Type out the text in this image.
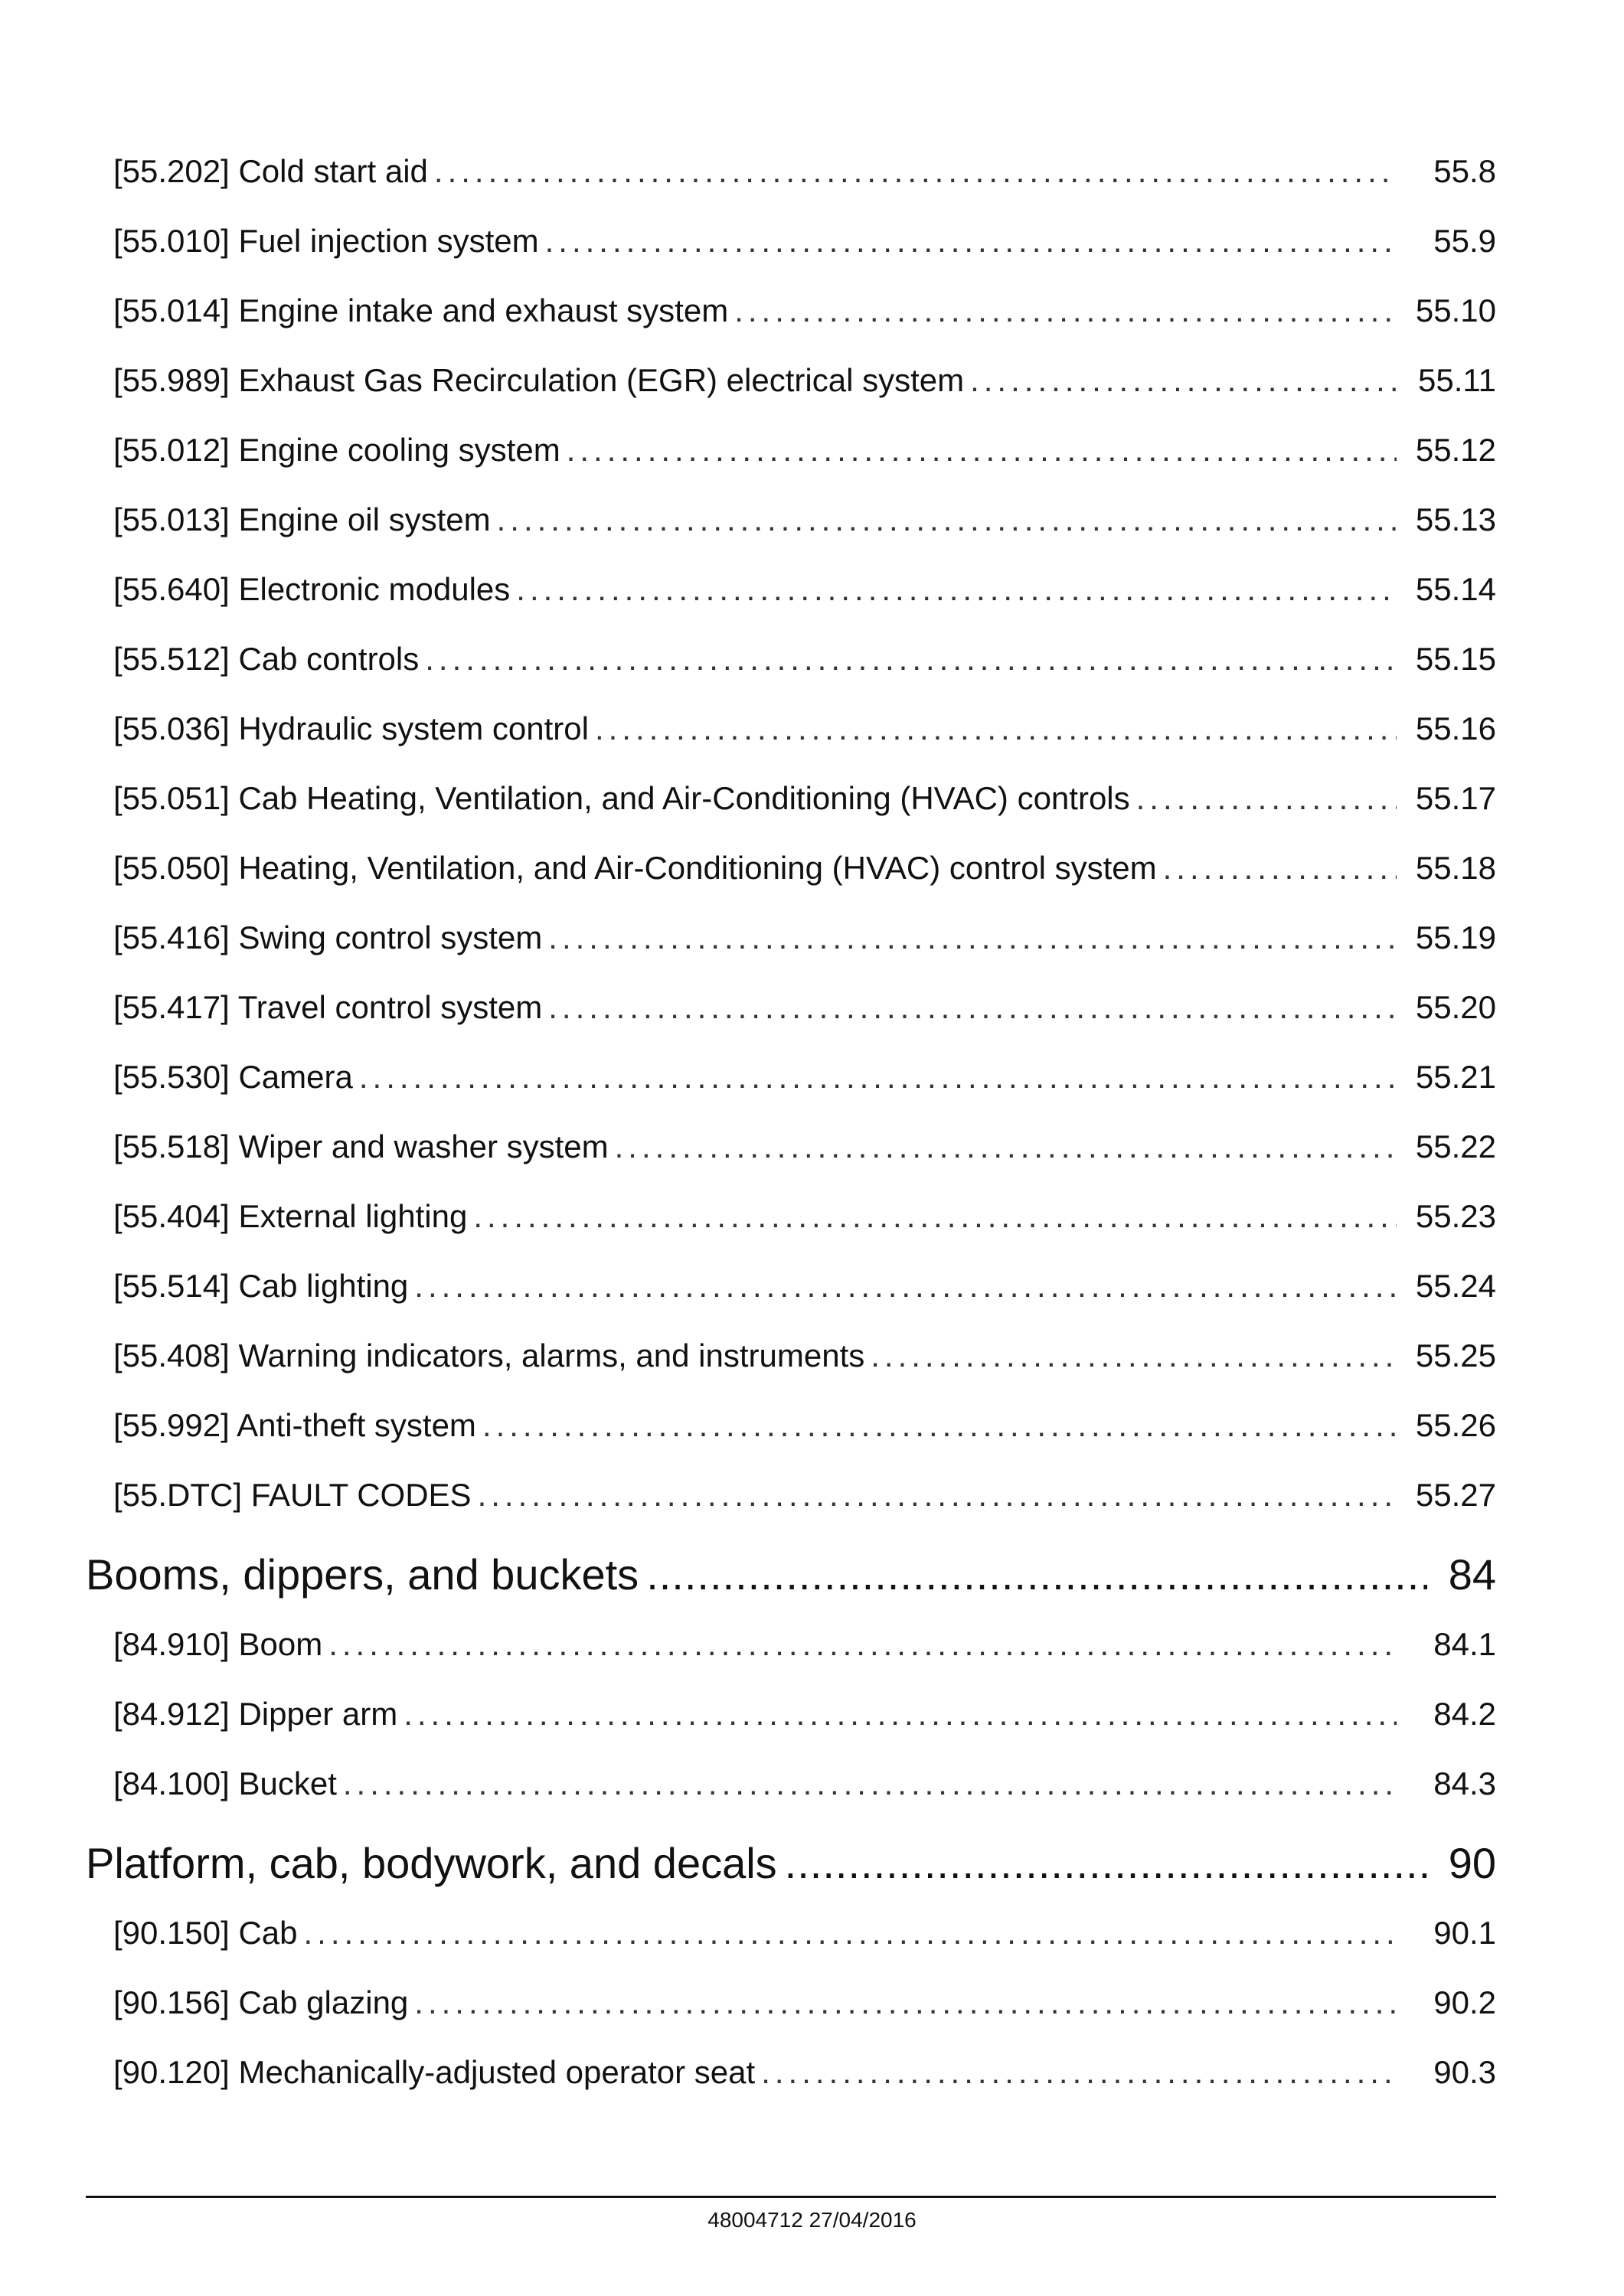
[55.202] Cold start aid .....	55.8
[55.010] Fuel injection system .....	55.9
[55.014] Engine intake and exhaust system .....	55.10
[55.989] Exhaust Gas Recirculation (EGR) electrical system .....	55.11
[55.012] Engine cooling system .....	55.12
[55.013] Engine oil system .....	55.13
[55.640] Electronic modules .....	55.14
[55.512] Cab controls .....	55.15
[55.036] Hydraulic system control .....	55.16
[55.051] Cab Heating, Ventilation, and Air-Conditioning (HVAC) controls .....	55.17
[55.050] Heating, Ventilation, and Air-Conditioning (HVAC) control system .....	55.18
[55.416] Swing control system .....	55.19
[55.417] Travel control system .....	55.20
[55.530] Camera .....	55.21
[55.518] Wiper and washer system .....	55.22
[55.404] External lighting .....	55.23
[55.514] Cab lighting .....	55.24
[55.408] Warning indicators, alarms, and instruments .....	55.25
[55.992] Anti-theft system .....	55.26
[55.DTC] FAULT CODES .....	55.27
Booms, dippers, and buckets .....	84
[84.910] Boom .....	84.1
[84.912] Dipper arm .....	84.2
[84.100] Bucket .....	84.3
Platform, cab, bodywork, and decals .....	90
[90.150] Cab .....	90.1
[90.156] Cab glazing .....	90.2
[90.120] Mechanically-adjusted operator seat .....	90.3
48004712 27/04/2016
